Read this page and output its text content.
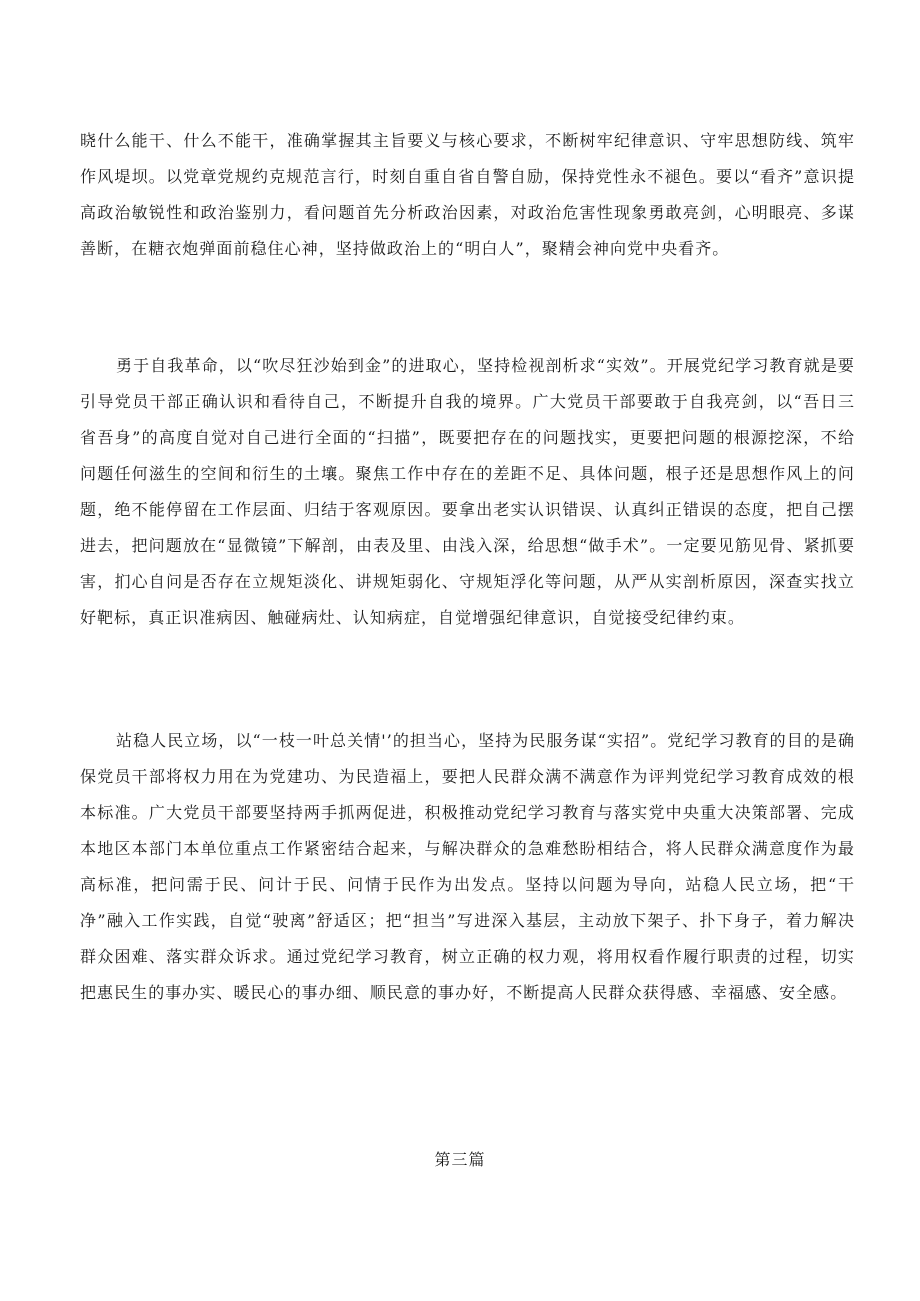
晓什么能干、什么不能干，准确掌握其主旨要义与核心要求，不断树牢纪律意识、守牢思想防线、筑牢作风堤坝。以党章党规约克规范言行，时刻自重自省自警自励，保持党性永不褪色。要以“看齐”意识提高政治敏锐性和政治鉴别力，看问题首先分析政治因素，对政治危害性现象勇敢亮剑，心明眼亮、多谋善断，在糖衣炮弹面前稳住心神，坚持做政治上的“明白人”，聚精会神向党中央看齐。

勇于自我革命，以“吹尽狂沙始到金”的进取心，坚持检视剖析求“实效”。开展党纪学习教育就是要引导党员干部正确认识和看待自己，不断提升自我的境界。广大党员干部要敢于自我亮剑，以“吾日三省吾身”的高度自觉对自己进行全面的“扫描”，既要把存在的问题找实，更要把问题的根源挖深，不给问题任何滋生的空间和衍生的土壤。聚焦工作中存在的差距不足、具体问题，根子还是思想作风上的问题，绝不能停留在工作层面、归结于客观原因。要拿出老实认识错误、认真纠正错误的态度，把自己摆进去，把问题放在“显微镜”下解剖，由表及里、由浅入深，给思想“做手术”。一定要见筋见骨、紧抓要害，扪心自问是否存在立规矩淡化、讲规矩弱化、守规矩浮化等问题，从严从实剖析原因，深查实找立好靶标，真正识准病因、触碰病灶、认知病症，自觉增强纪律意识，自觉接受纪律约束。

站稳人民立场，以“一枝一叶总关情'’的担当心，坚持为民服务谋“实招”。党纪学习教育的目的是确保党员干部将权力用在为党建功、为民造福上，要把人民群众满不满意作为评判党纪学习教育成效的根本标准。广大党员干部要坚持两手抓两促进，积极推动党纪学习教育与落实党中央重大决策部署、完成本地区本部门本单位重点工作紧密结合起来，与解决群众的急难愁盼相结合，将人民群众满意度作为最高标准，把问需于民、问计于民、问情于民作为出发点。坚持以问题为导向，站稳人民立场，把“干净”融入工作实践，自觉“驶离”舒适区；把“担当”写进深入基层，主动放下架子、扑下身子，着力解决群众困难、落实群众诉求。通过党纪学习教育，树立正确的权力观，将用权看作履行职责的过程，切实把惠民生的事办实、暖民心的事办细、顺民意的事办好，不断提高人民群众获得感、幸福感、安全感。

第三篇
